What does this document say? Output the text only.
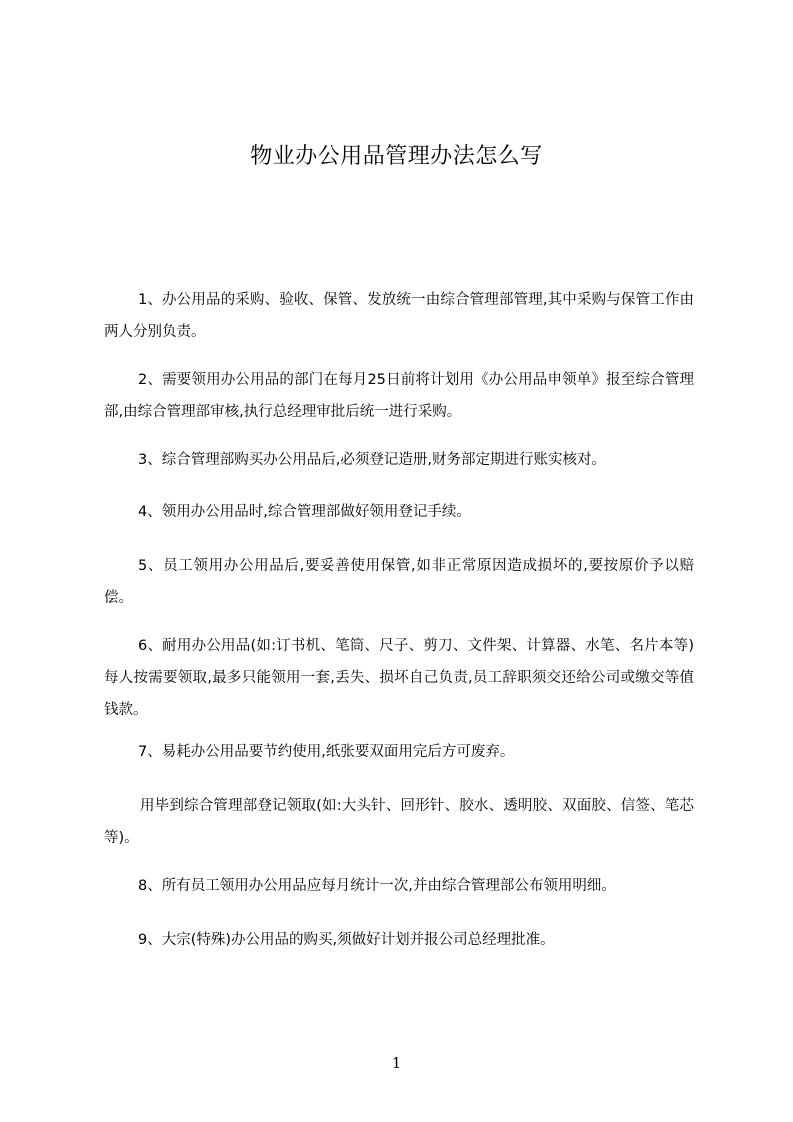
物业办公用品管理办法怎么写
1、办公用品的采购、验收、保管、发放统一由综合管理部管理,其中采购与保管工作由两人分别负责。
2、需要领用办公用品的部门在每月25日前将计划用《办公用品申领单》报至综合管理部,由综合管理部审核,执行总经理审批后统一进行采购。
3、综合管理部购买办公用品后,必须登记造册,财务部定期进行账实核对。
4、领用办公用品时,综合管理部做好领用登记手续。
5、员工领用办公用品后,要妥善使用保管,如非正常原因造成损坏的,要按原价予以赔偿。
6、耐用办公用品(如:订书机、笔筒、尺子、剪刀、文件架、计算器、水笔、名片本等)每人按需要领取,最多只能领用一套,丢失、损坏自己负责,员工辞职须交还给公司或缴交等值钱款。
7、易耗办公用品要节约使用,纸张要双面用完后方可废弃。
用毕到综合管理部登记领取(如:大头针、回形针、胶水、透明胶、双面胶、信签、笔芯等)。
8、所有员工领用办公用品应每月统计一次,并由综合管理部公布领用明细。
9、大宗(特殊)办公用品的购买,须做好计划并报公司总经理批准。
1
